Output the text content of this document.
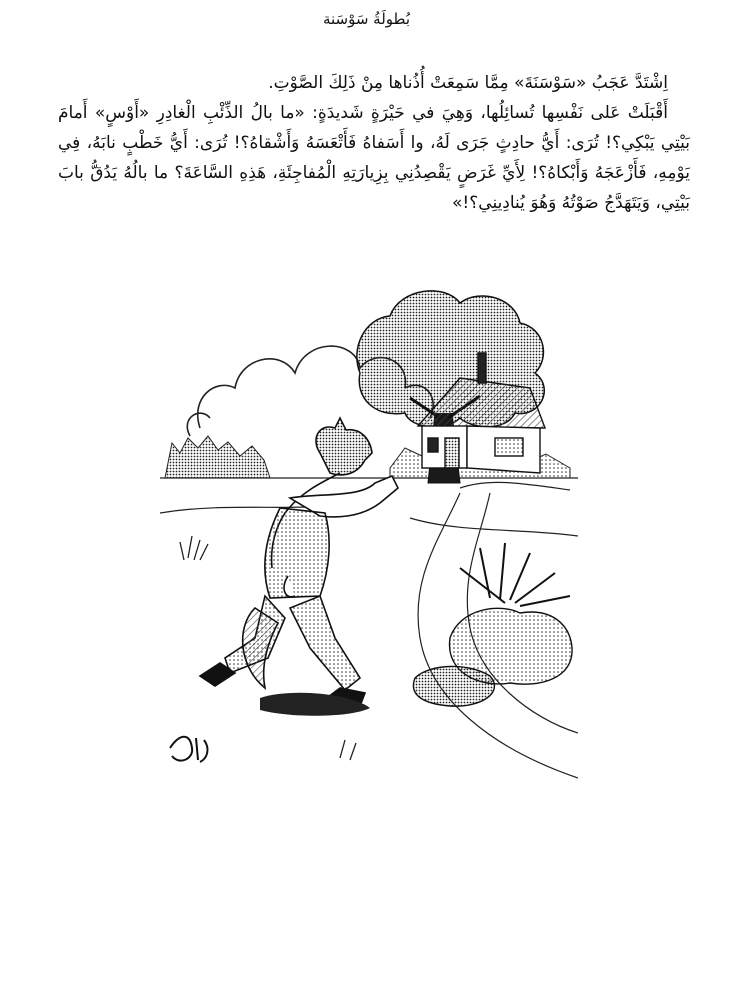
بُطولَةُ سَوْسَنة

اِشْتَدَّ عَجَبُ «سَوْسَنَةَ» مِمَّا سَمِعَتْ أُذُناها مِنْ ذَلِكَ الصَّوْتِ.

أَقْبَلَتْ عَلى نَفْسِها تُسائِلُها، وَهِيَ في حَيْرَةٍ شَديدَةٍ: «ما بالُ الذِّئْبِ الْغادِرِ «أَوْسٍ» أَمامَ بَيْتِي يَبْكِي؟! تُرَى: أَيُّ حادِثٍ جَرَى لَهُ، وا أَسَفاهُ فَأَتْعَسَهُ وَأَشْقاهُ؟! تُرَى: أَيُّ خَطْبٍ نابَهُ، فِي يَوْمِهِ، فَأَزْعَجَهُ وَأَبْكاهُ؟! لِأَيِّ غَرَضٍ يَقْصِدُنِي بِزِيارَتِهِ الْمُفاجِئَةِ، هَذِهِ السَّاعَةَ؟ ما بالُهُ يَدُقُّ بابَ بَيْتِي، وَيَتَهَدَّجُ صَوْتُهُ وَهُوَ يُنادِينِي؟!»
